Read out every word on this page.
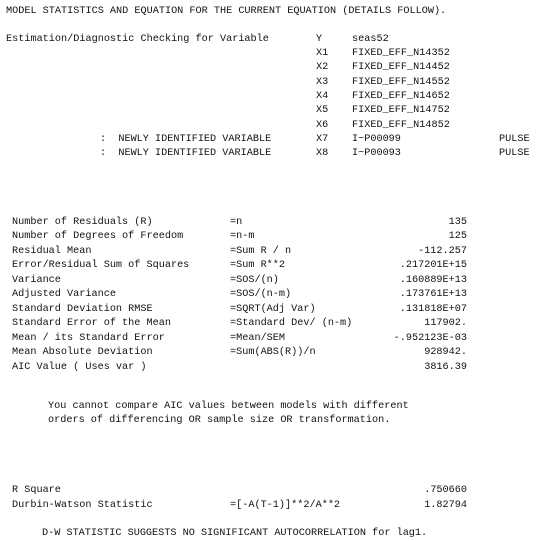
MODEL STATISTICS AND EQUATION FOR THE CURRENT EQUATION (DETAILS FOLLOW).
Estimation/Diagnostic Checking for Variable	Y	seas52
X1 FIXED_EFF_N14352
X2 FIXED_EFF_N14452
X3 FIXED_EFF_N14552
X4 FIXED_EFF_N14652
X5 FIXED_EFF_N14752
X6 FIXED_EFF_N14852
:  NEWLY IDENTIFIED VARIABLE	X7 I~P00099	PULSE
:  NEWLY IDENTIFIED VARIABLE	X8 I~P00093	PULSE
Number of Residuals (R)	=n	135
Number of Degrees of Freedom	=n-m	125
Residual Mean	=Sum R / n	-112.257
Error/Residual Sum of Squares	=Sum R**2	.217201E+15
Variance	=SOS/(n)	.160889E+13
Adjusted Variance	=SOS/(n-m)	.173761E+13
Standard Deviation RMSE	=SQRT(Adj Var)	.131818E+07
Standard Error of the Mean	=Standard Dev/ (n-m)	117902.
Mean / its Standard Error	=Mean/SEM	-.952123E-03
Mean Absolute Deviation	=Sum(ABS(R))/n	928942.
AIC Value ( Uses var )	3816.39
You cannot compare AIC values between models with different
orders of differencing OR sample size OR transformation.
R Square	.750660
Durbin-Watson Statistic	=[-A(T-1)]**2/A**2	1.82794
D-W STATISTIC SUGGESTS NO SIGNIFICANT AUTOCORRELATION for lag1.
